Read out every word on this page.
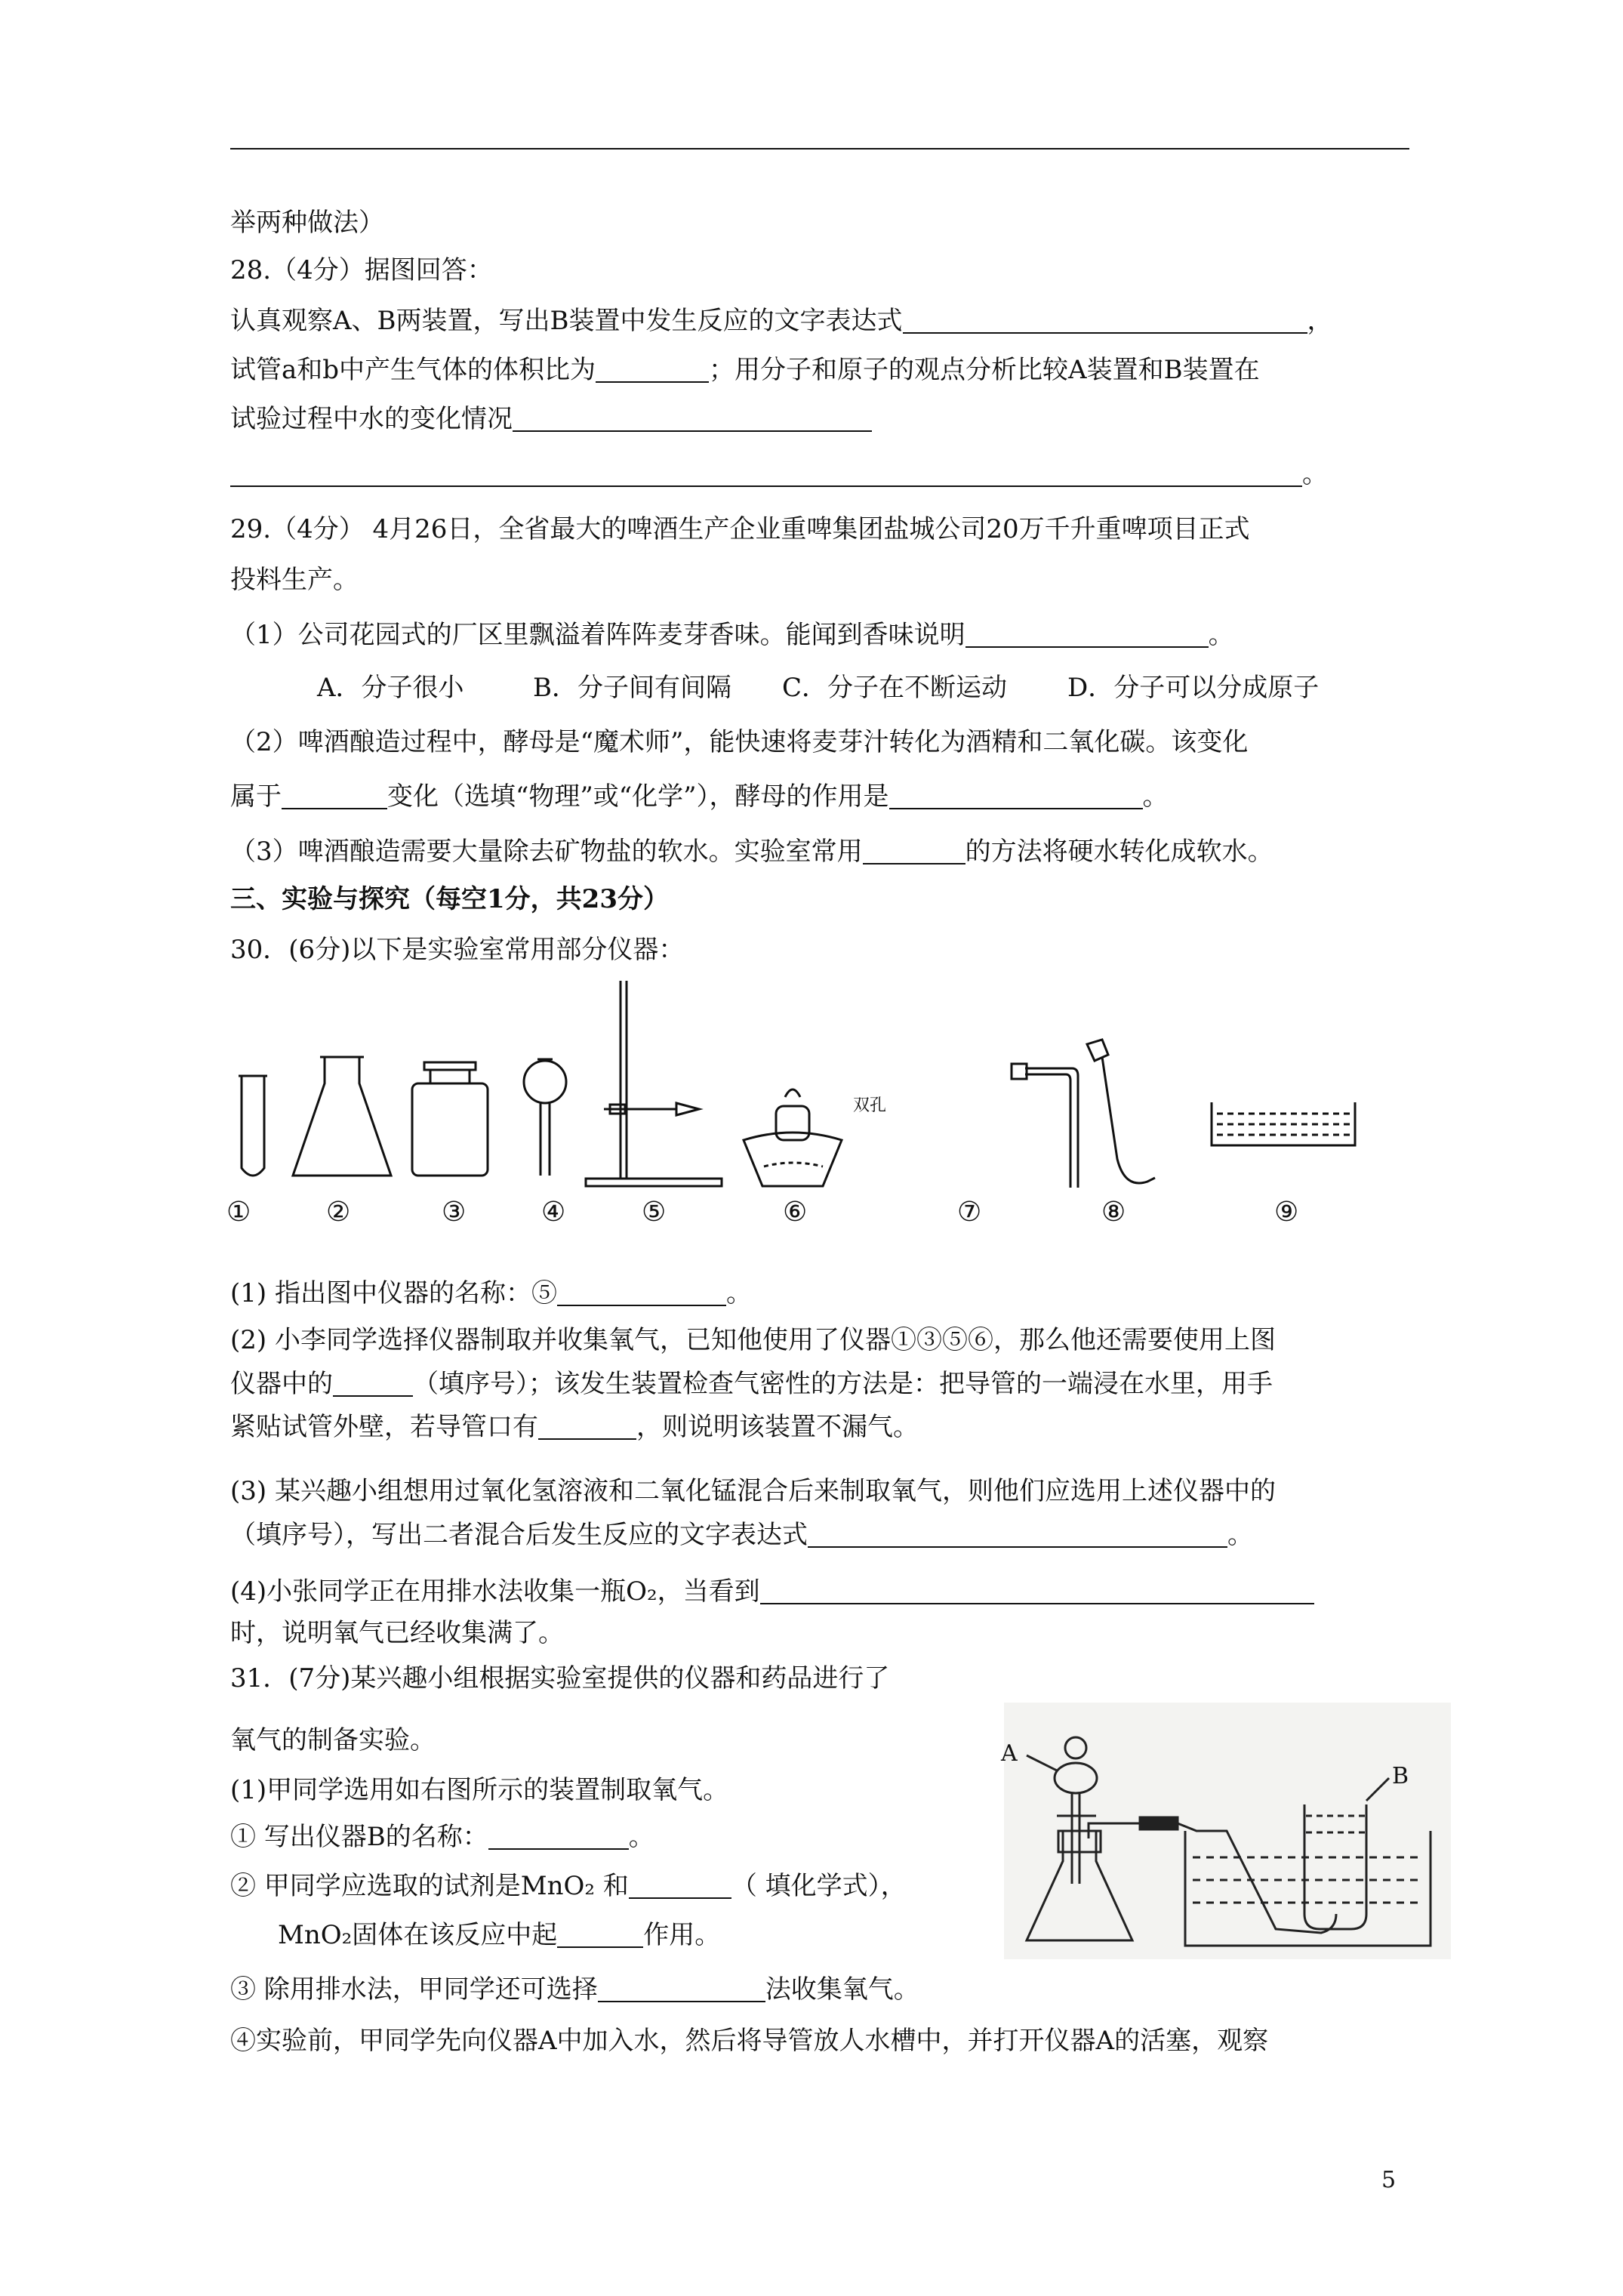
举两种做法）
28.（4分）据图回答：
认真观察A、B两装置，写出B装置中发生反应的文字表达式	，
试管a和b中产生气体的体积比为	；用分子和原子的观点分析比较A装置和B装置在
试验过程中水的变化情况
。
29.（4分） 4月26日，全省最大的啤酒生产企业重啤集团盐城公司20万千升重啤项目正式
投料生产。
（1）公司花园式的厂区里飘溢着阵阵麦芽香味。能闻到香味说明	。
A．分子很小	B．分子间有间隔 C．分子在不断运动 D．分子可以分成原子
（2）啤酒酿造过程中，酵母是“魔术师”，能快速将麦芽汁转化为酒精和二氧化碳。该变化
属于	变化（选填“物理”或“化学”），酵母的作用是	。
（3）啤酒酿造需要大量除去矿物盐的软水。实验室常用	的方法将硬水转化成软水。
三、实验与探究（每空1分，共23分）
30．(6分)以下是实验室常用部分仪器：
双孔
①	②	③	④	⑤	⑥	⑦	⑧	⑨
(1) 指出图中仪器的名称：⑤	。
(2) 小李同学选择仪器制取并收集氧气，已知他使用了仪器①③⑤⑥，那么他还需要使用上图
仪器中的	（填序号）；该发生装置检查气密性的方法是：把导管的一端浸在水里，用手
紧贴试管外壁，若导管口有	，则说明该装置不漏气。
(3) 某兴趣小组想用过氧化氢溶液和二氧化锰混合后来制取氧气，则他们应选用上述仪器中的
（填序号），写出二者混合后发生反应的文字表达式	。
(4)小张同学正在用排水法收集一瓶O₂，当看到
时，说明氧气已经收集满了。
31．(7分)某兴趣小组根据实验室提供的仪器和药品进行了
氧气的制备实验。
(1)甲同学选用如右图所示的装置制取氧气。
① 写出仪器B的名称：	。
② 甲同学应选取的试剂是MnO₂ 和	（ 填化学式），
MnO₂固体在该反应中起	作用。
③ 除用排水法，甲同学还可选择	法收集氧气。
④实验前，甲同学先向仪器A中加入水，然后将导管放人水槽中，并打开仪器A的活塞，观察
A
B
5
